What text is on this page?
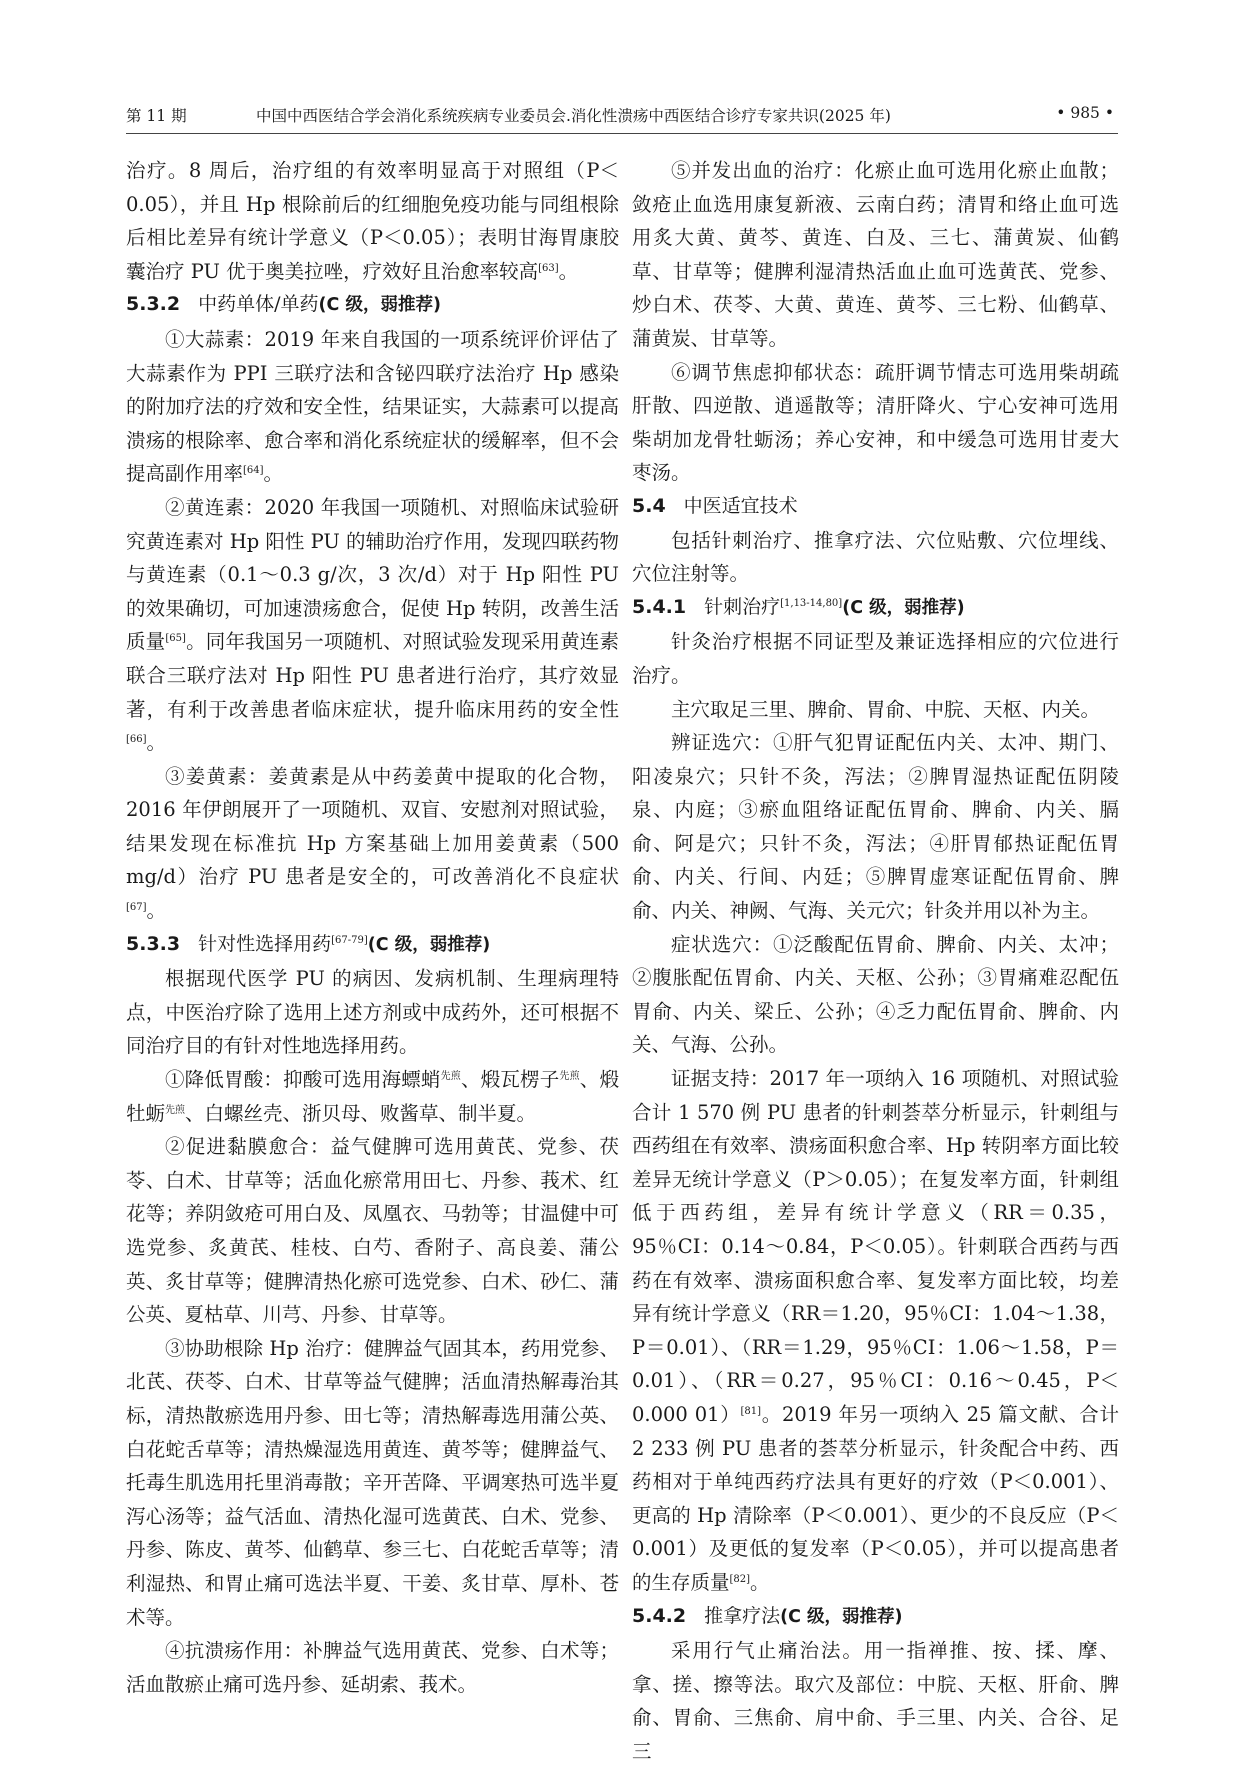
第 11 期	中国中西医结合学会消化系统疾病专业委员会.消化性溃疡中西医结合诊疗专家共识(2025 年)	• 985 •

治疗。8 周后，治疗组的有效率明显高于对照组（P＜0.05），并且 Hp 根除前后的红细胞免疫功能与同组根除后相比差异有统计学意义（P＜0.05）；表明甘海胃康胶囊治疗 PU 优于奥美拉唑，疗效好且治愈率较高[63]。

5.3.2 中药单体/单药(C 级，弱推荐)

①大蒜素：2019 年来自我国的一项系统评价评估了大蒜素作为 PPI 三联疗法和含铋四联疗法治疗 Hp 感染的附加疗法的疗效和安全性，结果证实，大蒜素可以提高溃疡的根除率、愈合率和消化系统症状的缓解率，但不会提高副作用率[64]。

②黄连素：2020 年我国一项随机、对照临床试验研究黄连素对 Hp 阳性 PU 的辅助治疗作用，发现四联药物与黄连素（0.1～0.3 g/次，3 次/d）对于 Hp 阳性 PU 的效果确切，可加速溃疡愈合，促使 Hp 转阴，改善生活质量[65]。同年我国另一项随机、对照试验发现采用黄连素联合三联疗法对 Hp 阳性 PU 患者进行治疗，其疗效显著，有利于改善患者临床症状，提升临床用药的安全性[66]。

③姜黄素：姜黄素是从中药姜黄中提取的化合物，2016 年伊朗展开了一项随机、双盲、安慰剂对照试验，结果发现在标准抗 Hp 方案基础上加用姜黄素（500 mg/d）治疗 PU 患者是安全的，可改善消化不良症状[67]。

5.3.3 针对性选择用药[67-79](C 级，弱推荐)

根据现代医学 PU 的病因、发病机制、生理病理特点，中医治疗除了选用上述方剂或中成药外，还可根据不同治疗目的有针对性地选择用药。

①降低胃酸：抑酸可选用海螵蛸$^{先煎}$、煅瓦楞子$^{先煎}$、煅牡蛎$^{先煎}$、白螺丝壳、浙贝母、败酱草、制半夏。

②促进黏膜愈合：益气健脾可选用黄芪、党参、茯苓、白术、甘草等；活血化瘀常用田七、丹参、莪术、红花等；养阴敛疮可用白及、凤凰衣、马勃等；甘温健中可选党参、炙黄芪、桂枝、白芍、香附子、高良姜、蒲公英、炙甘草等；健脾清热化瘀可选党参、白术、砂仁、蒲公英、夏枯草、川芎、丹参、甘草等。

③协助根除 Hp 治疗：健脾益气固其本，药用党参、北芪、茯苓、白术、甘草等益气健脾；活血清热解毒治其标，清热散瘀选用丹参、田七等；清热解毒选用蒲公英、白花蛇舌草等；清热燥湿选用黄连、黄芩等；健脾益气、托毒生肌选用托里消毒散；辛开苦降、平调寒热可选半夏泻心汤等；益气活血、清热化湿可选黄芪、白术、党参、丹参、陈皮、黄芩、仙鹤草、参三七、白花蛇舌草等；清利湿热、和胃止痛可选法半夏、干姜、炙甘草、厚朴、苍术等。

④抗溃疡作用：补脾益气选用黄芪、党参、白术等；活血散瘀止痛可选丹参、延胡索、莪术。

⑤并发出血的治疗：化瘀止血可选用化瘀止血散；敛疮止血选用康复新液、云南白药；清胃和络止血可选用炙大黄、黄芩、黄连、白及、三七、蒲黄炭、仙鹤草、甘草等；健脾利湿清热活血止血可选黄芪、党参、炒白术、茯苓、大黄、黄连、黄芩、三七粉、仙鹤草、蒲黄炭、甘草等。

⑥调节焦虑抑郁状态：疏肝调节情志可选用柴胡疏肝散、四逆散、逍遥散等；清肝降火、宁心安神可选用柴胡加龙骨牡蛎汤；养心安神，和中缓急可选用甘麦大枣汤。

5.4 中医适宜技术

包括针刺治疗、推拿疗法、穴位贴敷、穴位埋线、穴位注射等。

5.4.1 针刺治疗[1,13-14,80](C 级，弱推荐)

针灸治疗根据不同证型及兼证选择相应的穴位进行治疗。

主穴取足三里、脾俞、胃俞、中脘、天枢、内关。

辨证选穴：①肝气犯胃证配伍内关、太冲、期门、阳凌泉穴；只针不灸，泻法；②脾胃湿热证配伍阴陵泉、内庭；③瘀血阻络证配伍胃俞、脾俞、内关、膈俞、阿是穴；只针不灸，泻法；④肝胃郁热证配伍胃俞、内关、行间、内廷；⑤脾胃虚寒证配伍胃俞、脾俞、内关、神阙、气海、关元穴；针灸并用以补为主。

症状选穴：①泛酸配伍胃俞、脾俞、内关、太冲；②腹胀配伍胃俞、内关、天枢、公孙；③胃痛难忍配伍胃俞、内关、梁丘、公孙；④乏力配伍胃俞、脾俞、内关、气海、公孙。

证据支持：2017 年一项纳入 16 项随机、对照试验合计 1 570 例 PU 患者的针刺荟萃分析显示，针刺组与西药组在有效率、溃疡面积愈合率、Hp 转阴率方面比较差异无统计学意义（P＞0.05）；在复发率方面，针刺组低于西药组，差异有统计学意义（RR＝0.35，95％CI：0.14～0.84，P＜0.05）。针刺联合西药与西药在有效率、溃疡面积愈合率、复发率方面比较，均差异有统计学意义（RR＝1.20，95％CI：1.04～1.38，P＝0.01）、（RR＝1.29，95％CI：1.06～1.58，P＝0.01）、（RR＝0.27，95％CI：0.16～0.45，P＜0.000 01）[81]。2019 年另一项纳入 25 篇文献、合计 2 233 例 PU 患者的荟萃分析显示，针灸配合中药、西药相对于单纯西药疗法具有更好的疗效（P＜0.001）、更高的 Hp 清除率（P＜0.001）、更少的不良反应（P＜0.001）及更低的复发率（P＜0.05），并可以提高患者的生存质量[82]。

5.4.2 推拿疗法(C 级，弱推荐)

采用行气止痛治法。用一指禅推、按、揉、摩、拿、搓、擦等法。取穴及部位：中脘、天枢、肝俞、脾俞、胃俞、三焦俞、肩中俞、手三里、内关、合谷、足三
